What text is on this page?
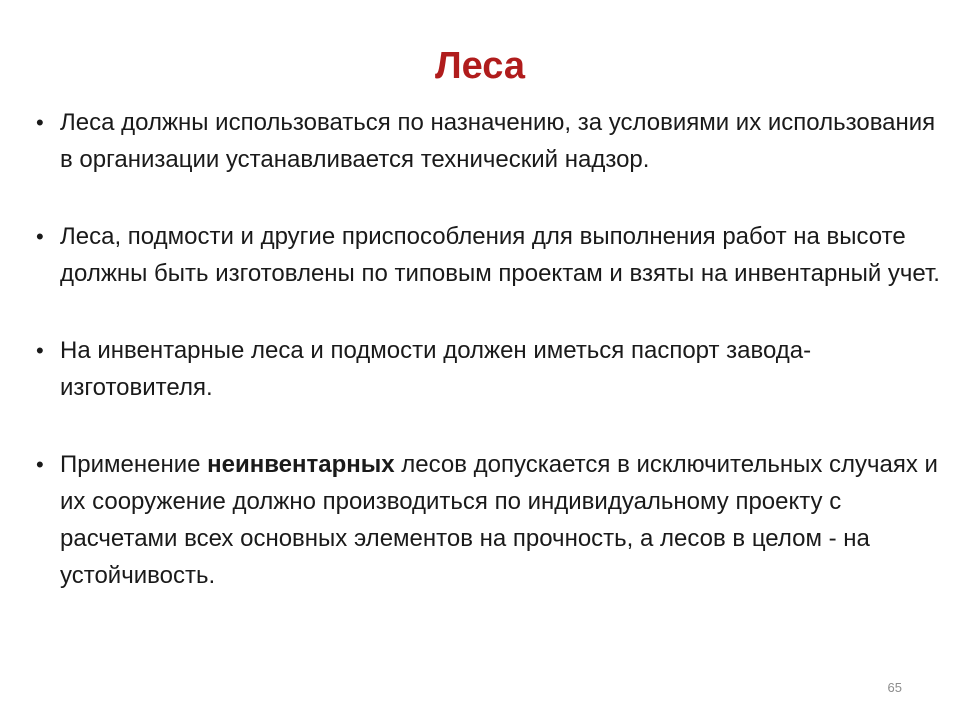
Леса
• Леса должны использоваться по назначению, за условиями их использования в организации устанавливается технический надзор.
• Леса, подмости и другие приспособления для выполнения работ на высоте должны быть изготовлены по типовым проектам и взяты на инвентарный учет.
• На инвентарные леса и подмости должен иметься паспорт завода-изготовителя.
• Применение неинвентарных лесов допускается в исключительных случаях и их сооружение должно производиться по индивидуальному проекту с расчетами всех основных элементов на прочность, а лесов в целом - на устойчивость.
65
